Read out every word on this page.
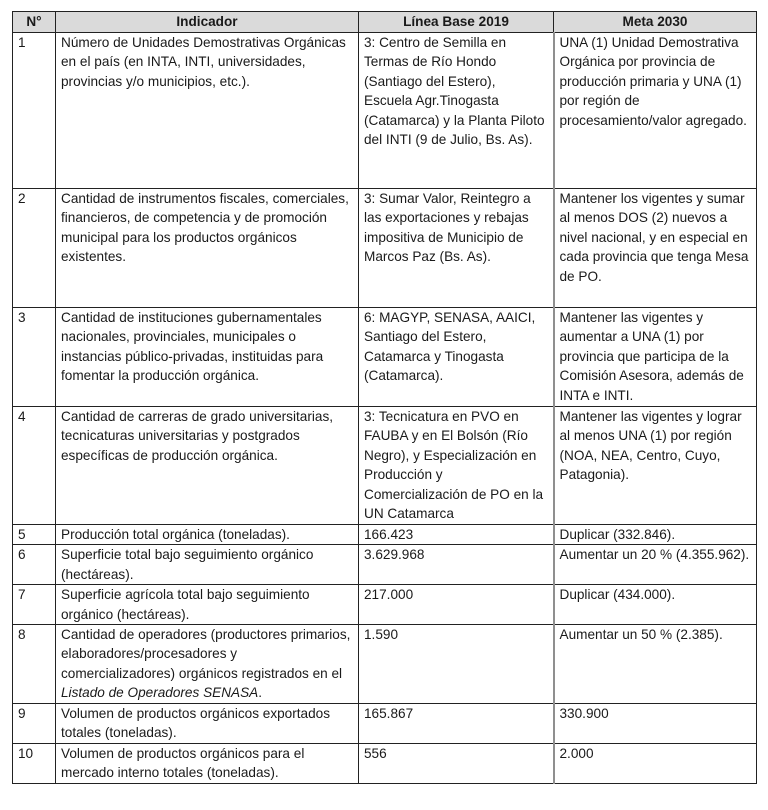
N°	Indicador	Línea Base 2019	Meta 2030
1	Número de Unidades Demostrativas Orgánicas en el país (en INTA, INTI, universidades, provincias y/o municipios, etc.).	3: Centro de Semilla en Termas de Río Hondo (Santiago del Estero), Escuela Agr.Tinogasta (Catamarca) y la Planta Piloto del INTI (9 de Julio, Bs. As).	UNA (1) Unidad Demostrativa Orgánica por provincia de producción primaria y UNA (1) por región de procesamiento/valor agregado.
2	Cantidad de instrumentos fiscales, comerciales, financieros, de competencia y de promoción municipal para los productos orgánicos existentes.	3: Sumar Valor, Reintegro a las exportaciones y rebajas impositiva de Municipio de Marcos Paz (Bs. As).	Mantener los vigentes y sumar al menos DOS (2) nuevos a nivel nacional, y en especial en cada provincia que tenga Mesa de PO.
3	Cantidad de instituciones gubernamentales nacionales, provinciales, municipales o instancias público-privadas, instituidas para fomentar la producción orgánica.	6: MAGYP, SENASA, AAICI, Santiago del Estero, Catamarca y Tinogasta (Catamarca).	Mantener las vigentes y aumentar a UNA (1) por provincia que participa de la Comisión Asesora, además de INTA e INTI.
4	Cantidad de carreras de grado universitarias, tecnicaturas universitarias y postgrados específicas de producción orgánica.	3: Tecnicatura en PVO en FAUBA y en El Bolsón (Río Negro), y Especialización en Producción y Comercialización de PO en la UN Catamarca	Mantener las vigentes y lograr al menos UNA (1) por región (NOA, NEA, Centro, Cuyo, Patagonia).
5	Producción total orgánica (toneladas).	166.423	Duplicar (332.846).
6	Superficie total bajo seguimiento orgánico (hectáreas).	3.629.968	Aumentar un 20 % (4.355.962).
7	Superficie agrícola total bajo seguimiento orgánico (hectáreas).	217.000	Duplicar (434.000).
8	Cantidad de operadores (productores primarios, elaboradores/procesadores y comercializadores) orgánicos registrados en el Listado de Operadores SENASA.	1.590	Aumentar un 50 % (2.385).
9	Volumen de productos orgánicos exportados totales (toneladas).	165.867	330.900
10	Volumen de productos orgánicos para el mercado interno totales (toneladas).	556	2.000
